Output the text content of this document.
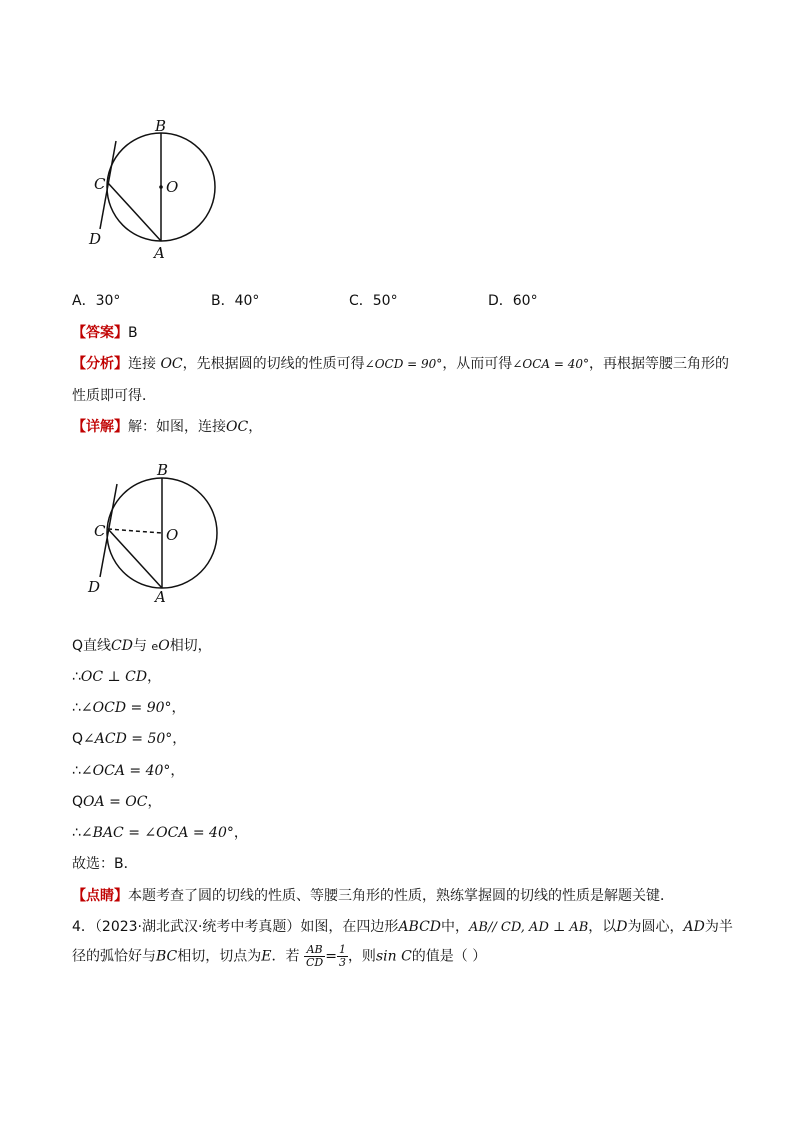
B
O
C
D
A
A．30°	B．40°	C．50°	D．60°
【答案】B
【分析】连接 OC，先根据圆的切线的性质可得∠OCD = 90°，从而可得∠OCA = 40°，再根据等腰三角形的
性质即可得．
【详解】解：如图，连接OC，
B
O
C
D
A
Q直线CD与 eO相切，
∴OC ⊥ CD，
∴∠OCD = 90°，
Q∠ACD = 50°，
∴∠OCA = 40°，
QOA = OC，
∴∠BAC = ∠OCA = 40°，
故选：B．
【点睛】本题考查了圆的切线的性质、等腰三角形的性质，熟练掌握圆的切线的性质是解题关键．
4．（2023·湖北武汉·统考中考真题）如图，在四边形ABCD中，AB// CD, AD ⊥ AB，以D为圆心，AD为半
径的弧恰好与BC相切，切点为E．若 $\frac{AB}{CD} = \frac{1}{3}$ ，则sin C的值是（ ）
